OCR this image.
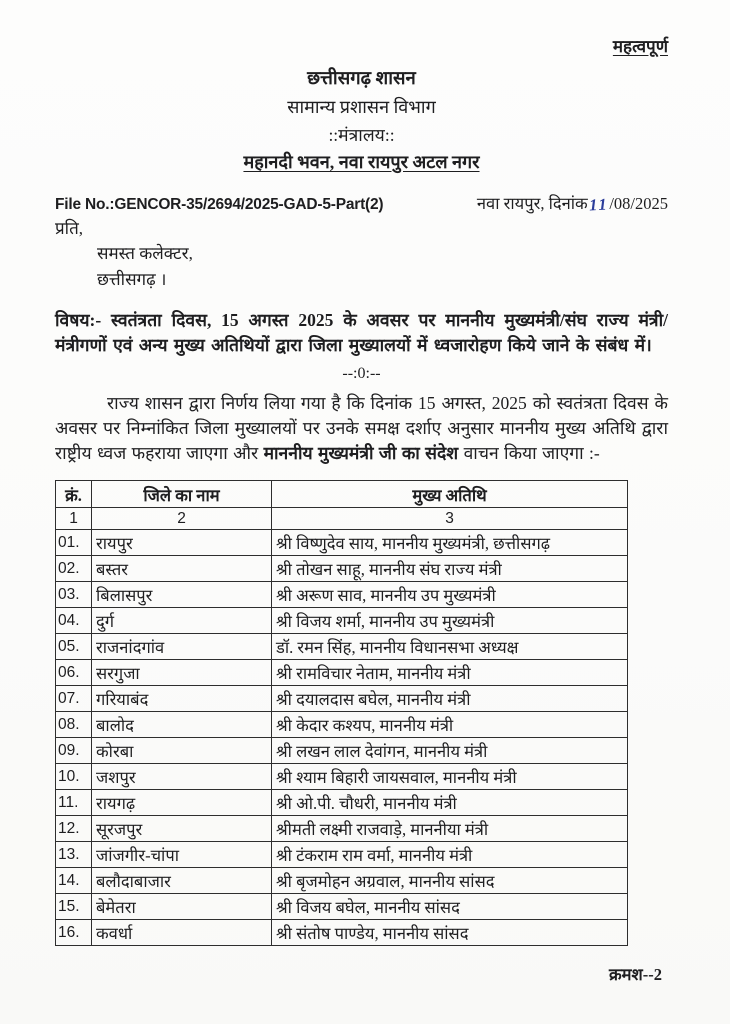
महत्वपूर्ण
छत्तीसगढ़ शासन
सामान्य प्रशासन विभाग
::मंत्रालय::
महानदी भवन, नवा रायपुर अटल नगर
File No.:GENCOR-35/2694/2025-GAD-5-Part(2)	नवा रायपुर, दिनांक11/08/2025
प्रति,
समस्त कलेक्टर,
छत्तीसगढ़ ।
विषय:- स्वतंत्रता दिवस, 15 अगस्त 2025 के अवसर पर माननीय मुख्यमंत्री/संघ राज्य मंत्री/मंत्रीगणों एवं अन्य मुख्य अतिथियों द्वारा जिला मुख्यालयों में ध्वजारोहण किये जाने के संबंध में।
--:0:--
राज्य शासन द्वारा निर्णय लिया गया है कि दिनांक 15 अगस्त, 2025 को स्वतंत्रता दिवस के अवसर पर निम्नांकित जिला मुख्यालयों पर उनके समक्ष दर्शाए अनुसार माननीय मुख्य अतिथि द्वारा राष्ट्रीय ध्वज फहराया जाएगा और माननीय मुख्यमंत्री जी का संदेश वाचन किया जाएगा :-
क्रं.	जिले का नाम	मुख्य अतिथि
1	2	3
01.	रायपुर	श्री विष्णुदेव साय, माननीय मुख्यमंत्री, छत्तीसगढ़
02.	बस्तर	श्री तोखन साहू, माननीय संघ राज्य मंत्री
03.	बिलासपुर	श्री अरूण साव, माननीय उप मुख्यमंत्री
04.	दुर्ग	श्री विजय शर्मा, माननीय उप मुख्यमंत्री
05.	राजनांदगांव	डॉ. रमन सिंह, माननीय विधानसभा अध्यक्ष
06.	सरगुजा	श्री रामविचार नेताम, माननीय मंत्री
07.	गरियाबंद	श्री दयालदास बघेल, माननीय मंत्री
08.	बालोद	श्री केदार कश्यप, माननीय मंत्री
09.	कोरबा	श्री लखन लाल देवांगन, माननीय मंत्री
10.	जशपुर	श्री श्याम बिहारी जायसवाल, माननीय मंत्री
11.	रायगढ़	श्री ओ.पी. चौधरी, माननीय मंत्री
12.	सूरजपुर	श्रीमती लक्ष्मी राजवाड़े, माननीया मंत्री
13.	जांजगीर-चांपा	श्री टंकराम राम वर्मा, माननीय मंत्री
14.	बलौदाबाजार	श्री बृजमोहन अग्रवाल, माननीय सांसद
15.	बेमेतरा	श्री विजय बघेल, माननीय सांसद
16.	कवर्धा	श्री संतोष पाण्डेय, माननीय सांसद
क्रमश--2
